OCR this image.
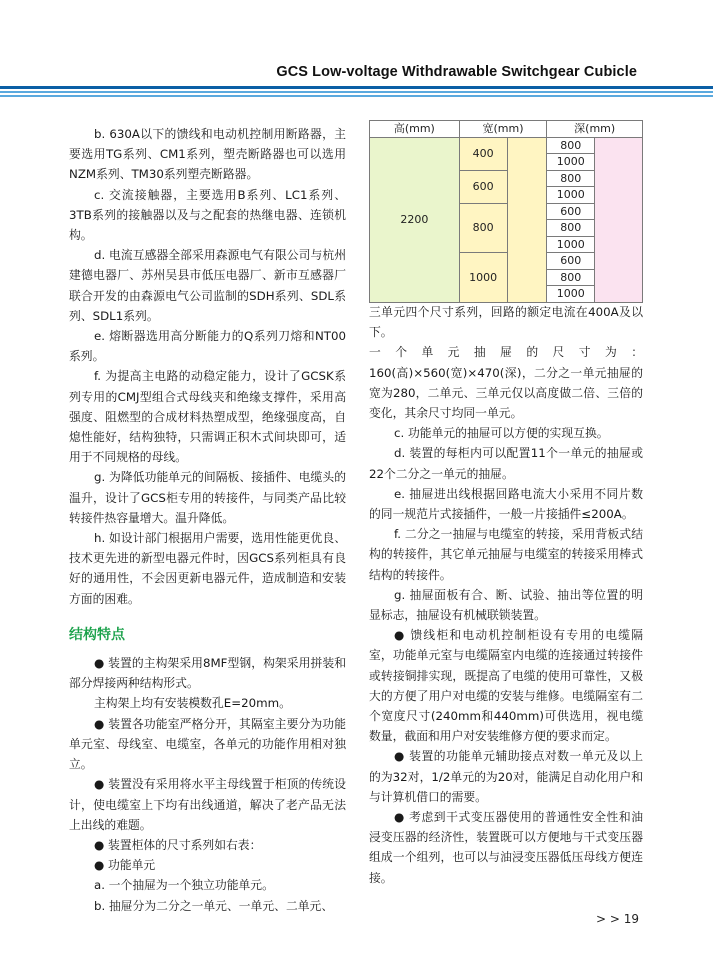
GCS Low-voltage Withdrawable Switchgear Cubicle

b. 630A以下的馈线和电动机控制用断路器，主要选用TG系列、CM1系列，塑壳断路器也可以选用NZM系列、TM30系列塑壳断路器。

c. 交流接触器，主要选用B系列、LC1系列、3TB系列的接触器以及与之配套的热继电器、连锁机构。

d. 电流互感器全部采用森源电气有限公司与杭州建德电器厂、苏州吴县市低压电器厂、新市互感器厂联合开发的由森源电气公司监制的SDH系列、SDL系列、SDL1系列。

e. 熔断器选用高分断能力的Q系列刀熔和NT00系列。

f. 为提高主电路的动稳定能力，设计了GCSK系列专用的CMJ型组合式母线夹和绝缘支撑件，采用高强度、阻燃型的合成材料热塑成型，绝缘强度高，自熄性能好，结构独特，只需调正积木式间块即可，适用于不同规格的母线。

g. 为降低功能单元的间隔板、接插件、电缆头的温升，设计了GCS柜专用的转接件，与同类产品比较转接件热容量增大。温升降低。

h. 如设计部门根据用户需要，选用性能更优良、技术更先进的新型电器元件时，因GCS系列柜具有良好的通用性，不会因更新电器元件，造成制造和安装方面的困难。

结构特点

● 装置的主构架采用8MF型钢，构架采用拼装和部分焊接两种结构形式。

主构架上均有安装模数孔E=20mm。

● 装置各功能室严格分开，其隔室主要分为功能单元室、母线室、电缆室，各单元的功能作用相对独立。

● 装置没有采用将水平主母线置于柜顶的传统设计，使电缆室上下均有出线通道，解决了老产品无法上出线的难题。

● 装置柜体的尺寸系列如右表：

● 功能单元

a. 一个抽屉为一个独立功能单元。

b. 抽屉分为二分之一单元、一单元、二单元、

高(mm)	宽(mm)		深(mm)	
2200	400		800	
			1000	
	600		800	
			1000	
	800		600	
			800	
			1000	
	1000		600	
			800	
			1000	

三单元四个尺寸系列，回路的额定电流在400A及以下。

一个单元抽屉的尺寸为：160(高)×560(宽)×470(深)，二分之一单元抽屉的宽为280，二单元、三单元仅以高度做二倍、三倍的变化，其余尺寸均同一单元。

c. 功能单元的抽屉可以方便的实现互换。

d. 装置的每柜内可以配置11个一单元的抽屉或22个二分之一单元的抽屉。

e. 抽屉进出线根据回路电流大小采用不同片数的同一规范片式接插件，一般一片接插件≤200A。

f. 二分之一抽屉与电缆室的转接，采用背板式结构的转接件，其它单元抽屉与电缆室的转接采用棒式结构的转接件。

g. 抽屉面板有合、断、试验、抽出等位置的明显标志，抽屉设有机械联锁装置。

● 馈线柜和电动机控制柜设有专用的电缆隔室，功能单元室与电缆隔室内电缆的连接通过转接件或转接铜排实现，既提高了电缆的使用可靠性，又极大的方便了用户对电缆的安装与维修。电缆隔室有二个宽度尺寸(240mm和440mm)可供选用，视电缆数量，截面和用户对安装维修方便的要求而定。

● 装置的功能单元辅助接点对数一单元及以上的为32对，1/2单元的为20对，能满足自动化用户和与计算机借口的需要。

● 考虑到干式变压器使用的普通性安全性和油浸变压器的经济性，装置既可以方便地与干式变压器组成一个组列，也可以与油浸变压器低压母线方便连接。

> > 19
